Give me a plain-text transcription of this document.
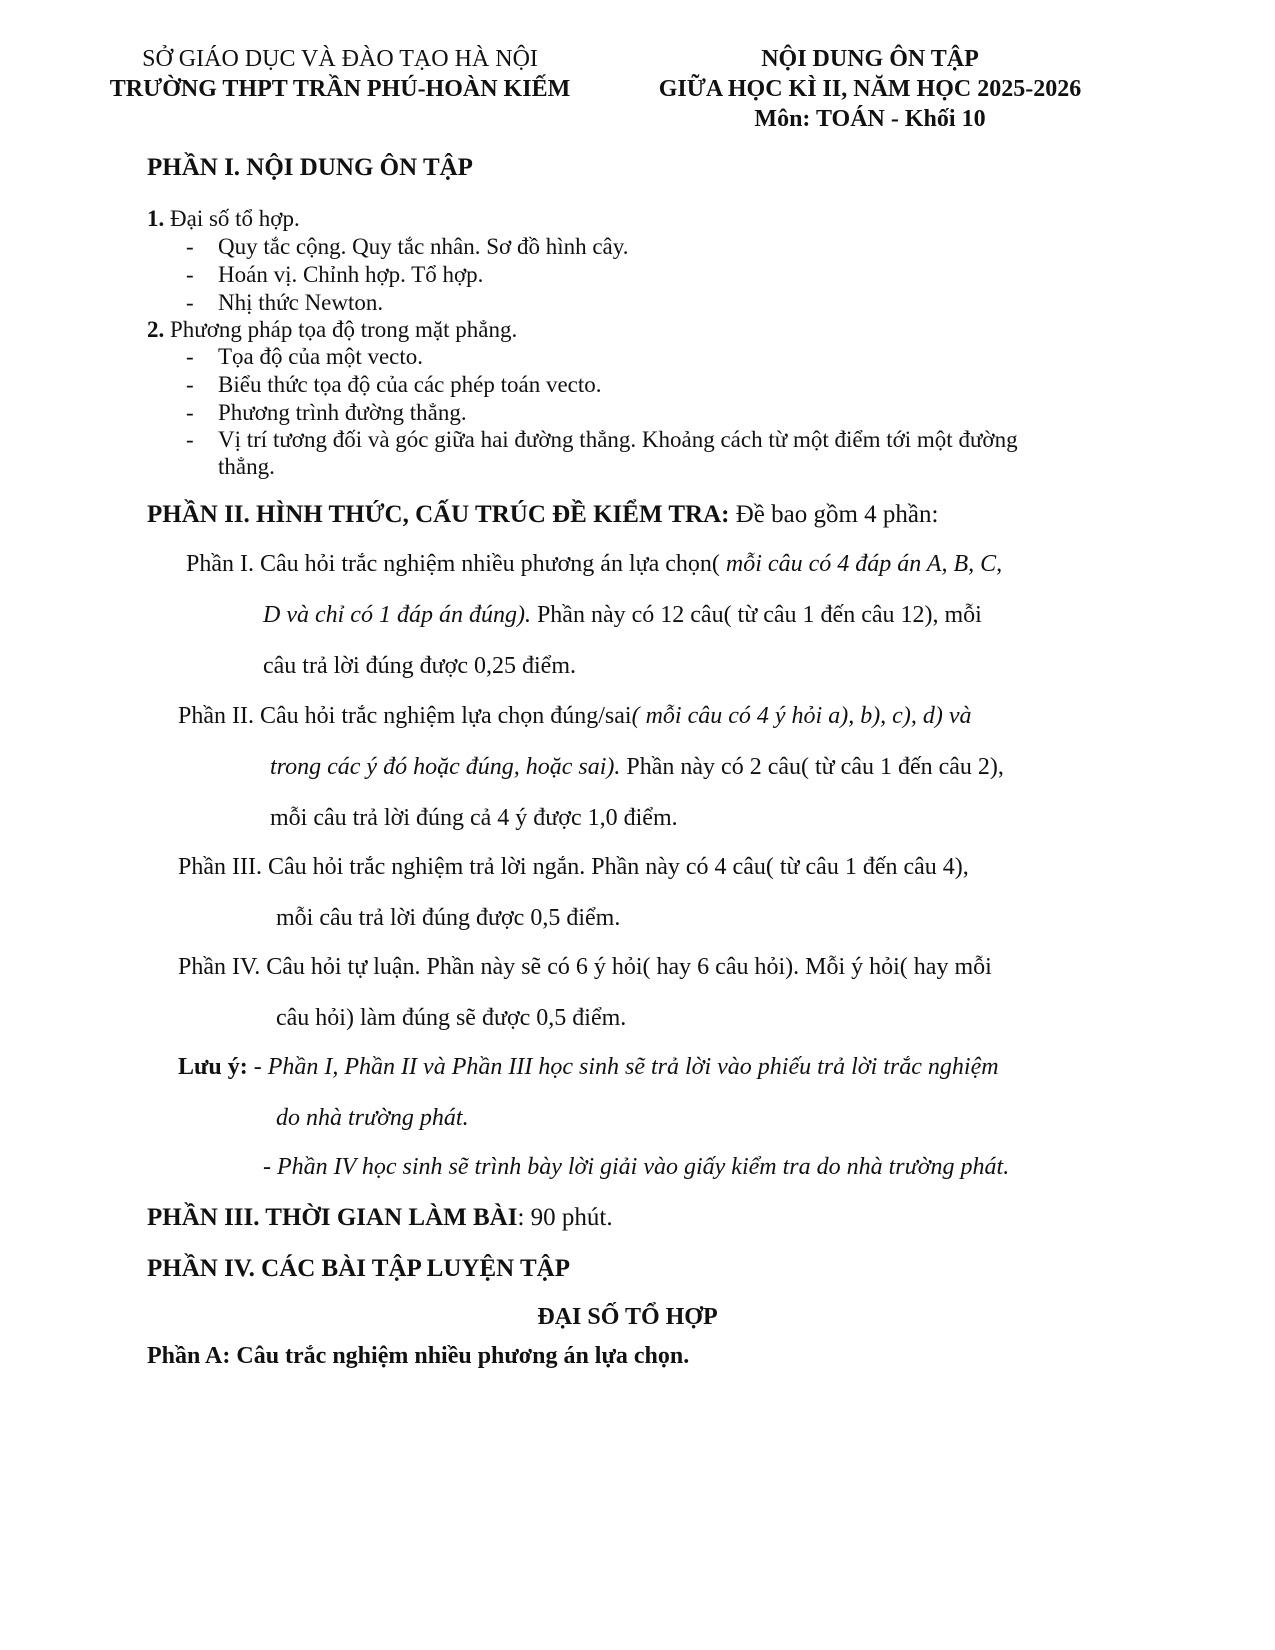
SỞ GIÁO DỤC VÀ ĐÀO TẠO HÀ NỘI
TRƯỜNG THPT TRẦN PHÚ-HOÀN KIẾM
NỘI DUNG ÔN TẬP
GIỮA HỌC KÌ II, NĂM HỌC 2025-2026
Môn: TOÁN - Khối 10
PHẦN I. NỘI DUNG ÔN TẬP
1. Đại số tổ hợp.
- Quy tắc cộng. Quy tắc nhân. Sơ đồ hình cây.
- Hoán vị. Chỉnh hợp. Tổ hợp.
- Nhị thức Newton.
2. Phương pháp tọa độ trong mặt phẳng.
- Tọa độ của một vecto.
- Biểu thức tọa độ của các phép toán vecto.
- Phương trình đường thẳng.
- Vị trí tương đối và góc giữa hai đường thẳng. Khoảng cách từ một điểm tới một đường
thẳng.
PHẦN II. HÌNH THỨC, CẤU TRÚC ĐỀ KIỂM TRA: Đề bao gồm 4 phần:
Phần I. Câu hỏi trắc nghiệm nhiều phương án lựa chọn( mỗi câu có 4 đáp án A, B, C,
D và chỉ có 1 đáp án đúng). Phần này có 12 câu( từ câu 1 đến câu 12), mỗi
câu trả lời đúng được 0,25 điểm.
Phần II. Câu hỏi trắc nghiệm lựa chọn đúng/sai( mỗi câu có 4 ý hỏi a), b), c), d) và
trong các ý đó hoặc đúng, hoặc sai). Phần này có 2 câu( từ câu 1 đến câu 2),
mỗi câu trả lời đúng cả 4 ý được 1,0 điểm.
Phần III. Câu hỏi trắc nghiệm trả lời ngắn. Phần này có 4 câu( từ câu 1 đến câu 4),
mỗi câu trả lời đúng được 0,5 điểm.
Phần IV. Câu hỏi tự luận. Phần này sẽ có 6 ý hỏi( hay 6 câu hỏi). Mỗi ý hỏi( hay mỗi
câu hỏi) làm đúng sẽ được 0,5 điểm.
Lưu ý: - Phần I, Phần II và Phần III học sinh sẽ trả lời vào phiếu trả lời trắc nghiệm
do nhà trường phát.
- Phần IV học sinh sẽ trình bày lời giải vào giấy kiểm tra do nhà trường phát.
PHẦN III. THỜI GIAN LÀM BÀI: 90 phút.
PHẦN IV. CÁC BÀI TẬP LUYỆN TẬP
ĐẠI SỐ TỔ HỢP
Phần A: Câu trắc nghiệm nhiều phương án lựa chọn.
